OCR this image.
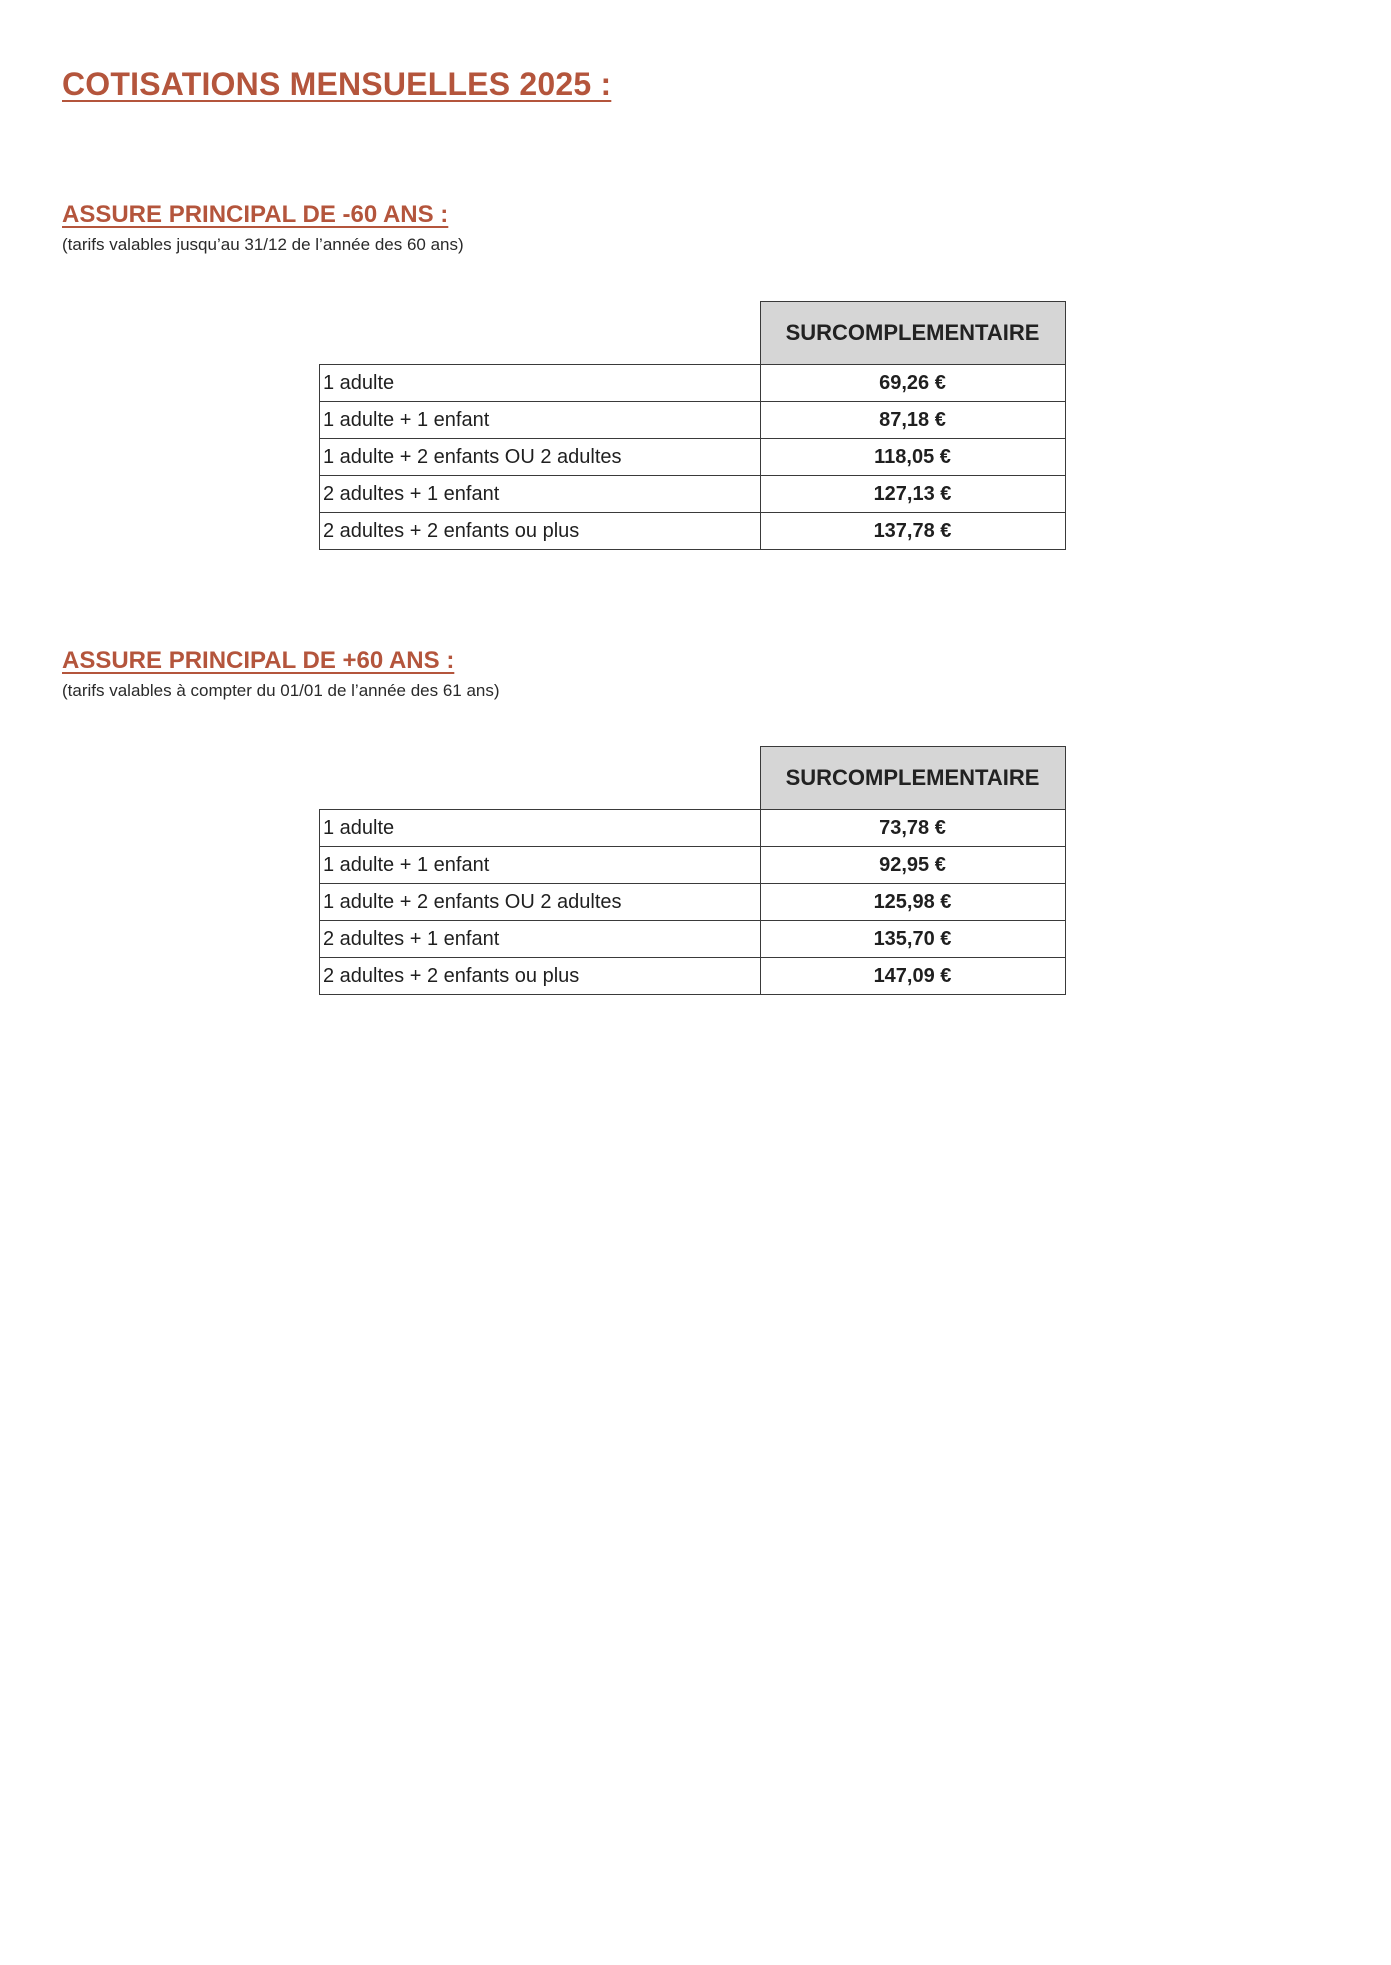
COTISATIONS MENSUELLES 2025 :
ASSURE PRINCIPAL DE -60 ANS :

(tarifs valables jusqu’au 31/12 de l’année des 60 ans)

	SURCOMPLEMENTAIRE
1 adulte	69,26 €
1 adulte + 1 enfant	87,18 €
1 adulte + 2 enfants OU 2 adultes	118,05 €
2 adultes + 1 enfant	127,13 €
2 adultes + 2 enfants ou plus	137,78 €
ASSURE PRINCIPAL DE +60 ANS :

(tarifs valables à compter du 01/01 de l’année des 61 ans)

	SURCOMPLEMENTAIRE
1 adulte	73,78 €
1 adulte + 1 enfant	92,95 €
1 adulte + 2 enfants OU 2 adultes	125,98 €
2 adultes + 1 enfant	135,70 €
2 adultes + 2 enfants ou plus	147,09 €
